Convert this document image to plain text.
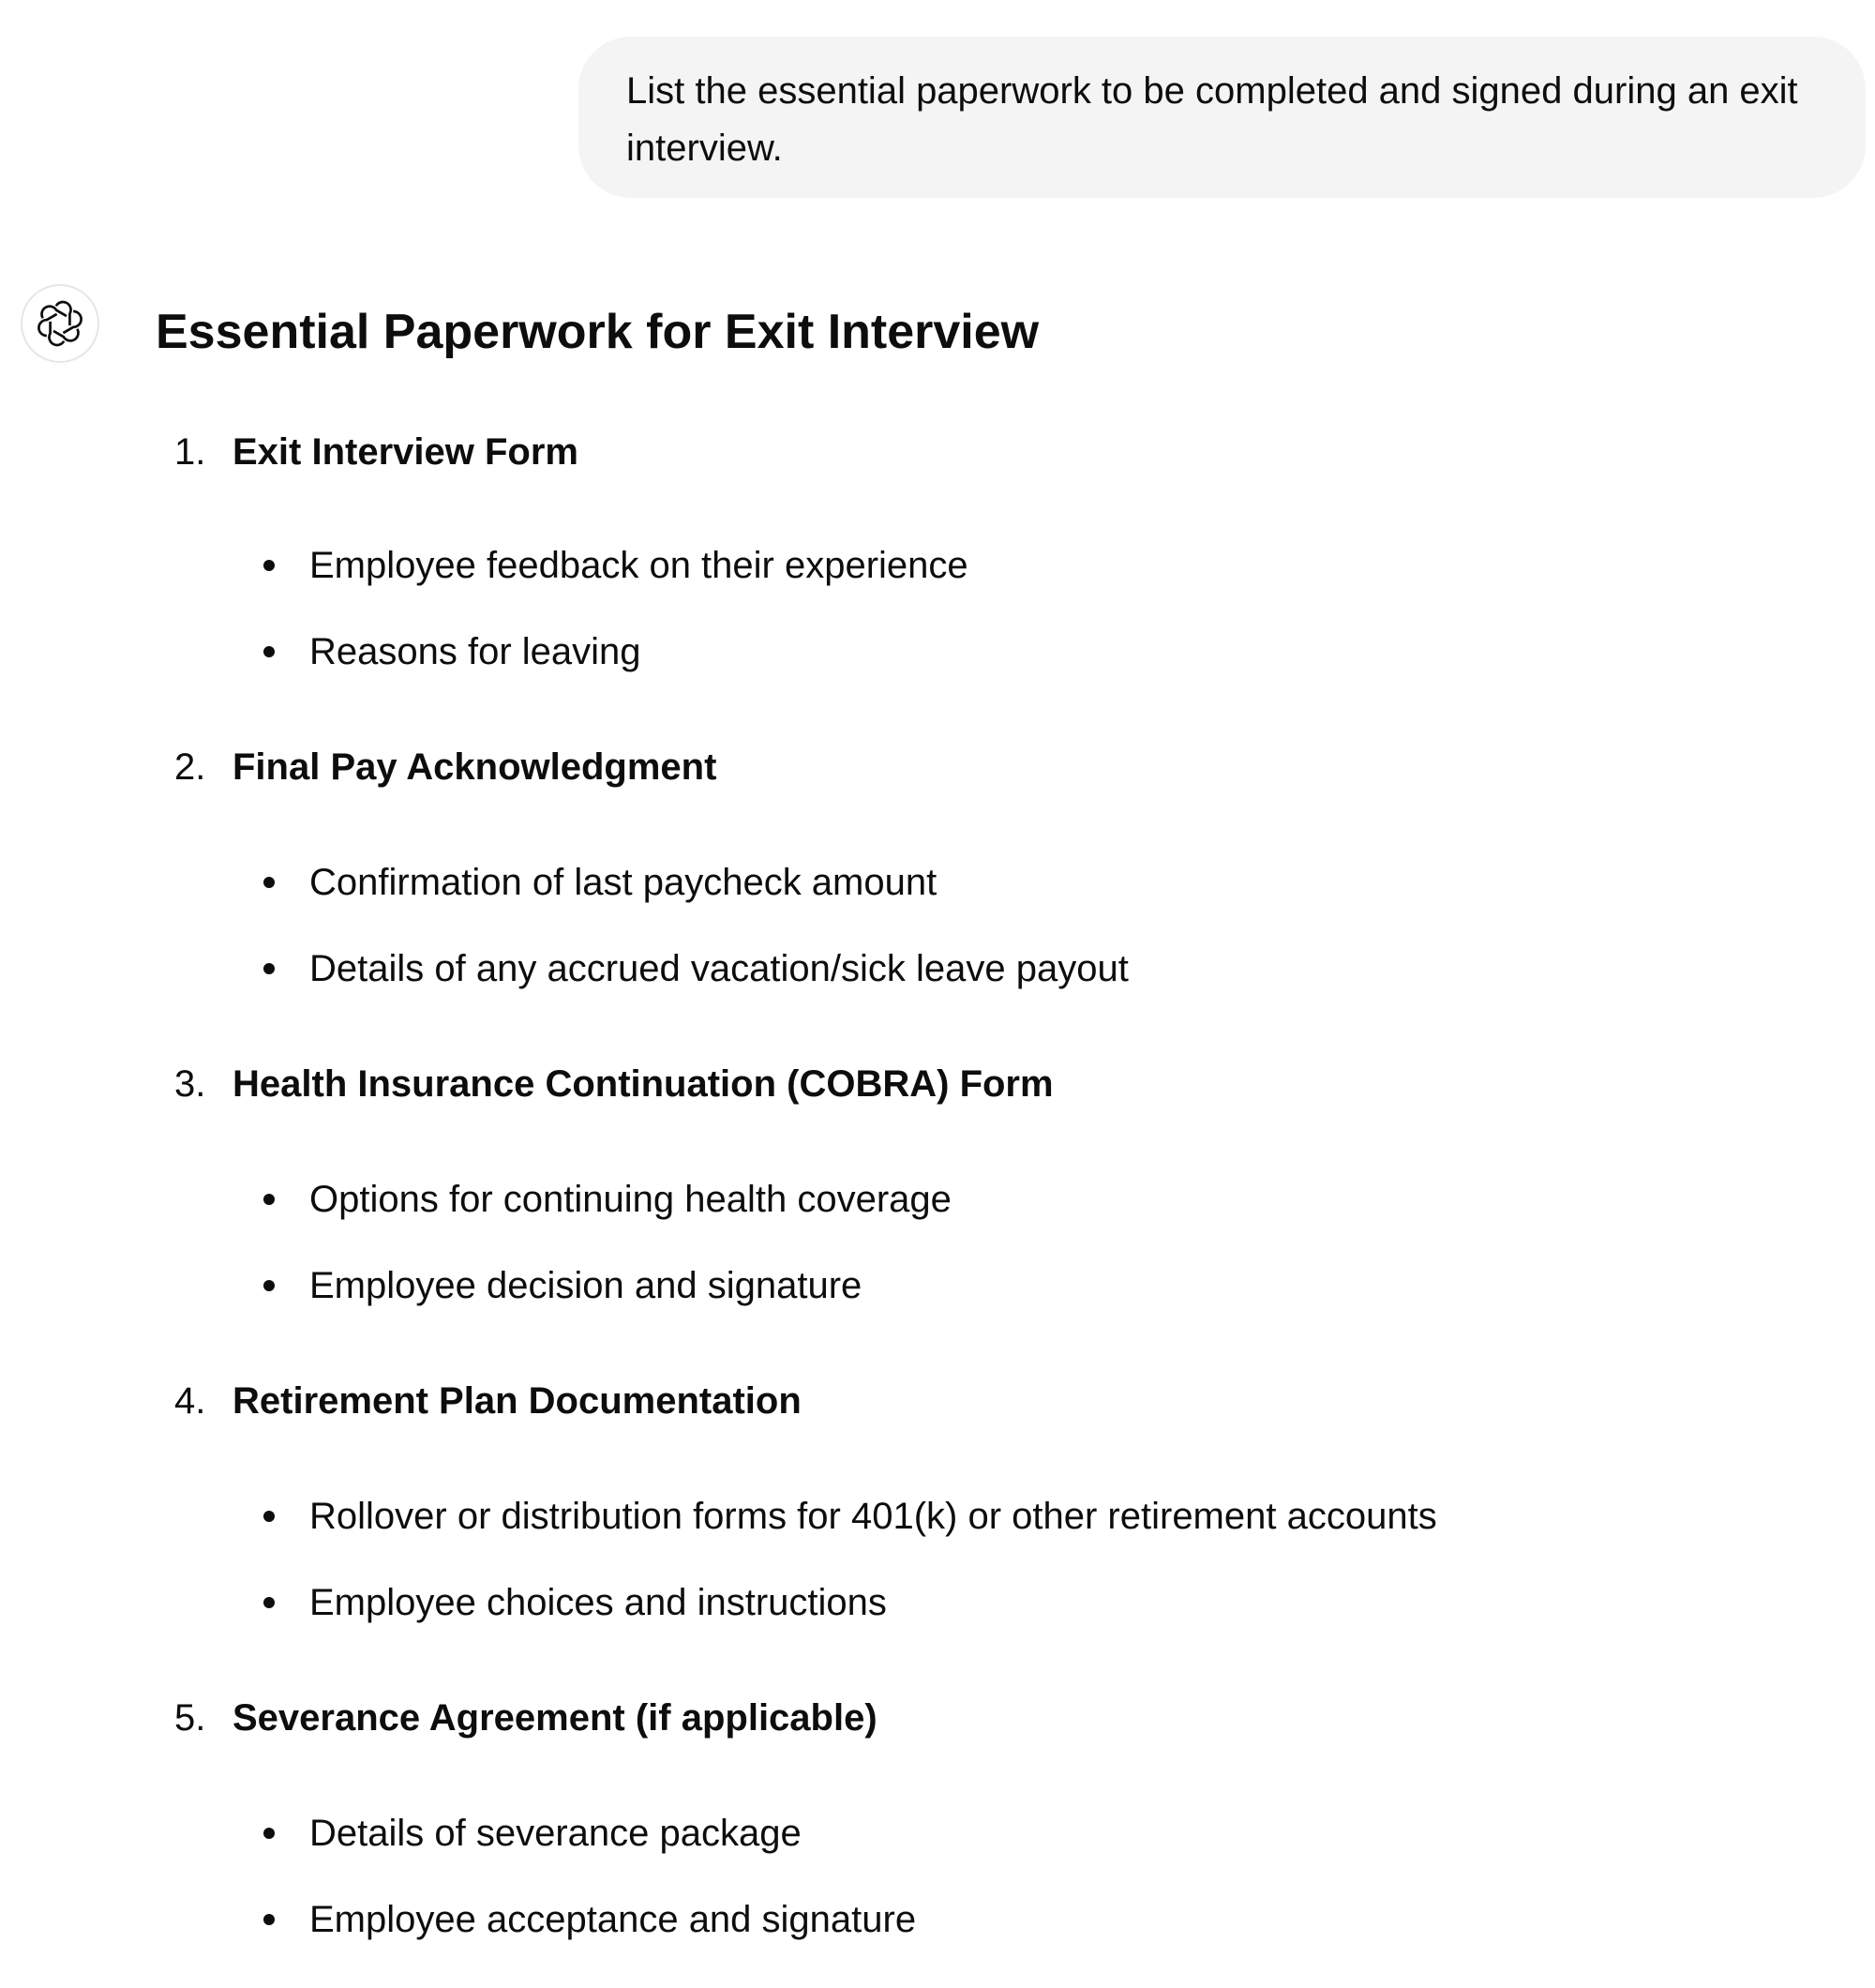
List the essential paperwork to be completed and signed during an exit interview.
Essential Paperwork for Exit Interview
1. Exit Interview Form
Employee feedback on their experience
Reasons for leaving
2. Final Pay Acknowledgment
Confirmation of last paycheck amount
Details of any accrued vacation/sick leave payout
3. Health Insurance Continuation (COBRA) Form
Options for continuing health coverage
Employee decision and signature
4. Retirement Plan Documentation
Rollover or distribution forms for 401(k) or other retirement accounts
Employee choices and instructions
5. Severance Agreement (if applicable)
Details of severance package
Employee acceptance and signature
